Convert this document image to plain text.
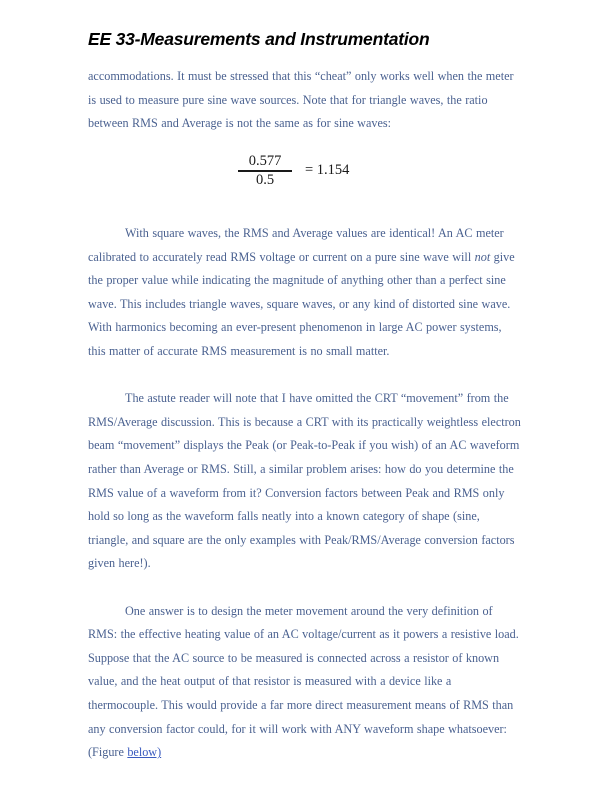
EE 33-Measurements and Instrumentation

accommodations. It must be stressed that this “cheat” only works well when the meter is used to measure pure sine wave sources. Note that for triangle waves, the ratio between RMS and Average is not the same as for sine waves:

$\frac{0.577}{0.5} = 1.154$

With square waves, the RMS and Average values are identical! An AC meter calibrated to accurately read RMS voltage or current on a pure sine wave will not give the proper value while indicating the magnitude of anything other than a perfect sine wave. This includes triangle waves, square waves, or any kind of distorted sine wave. With harmonics becoming an ever-present phenomenon in large AC power systems, this matter of accurate RMS measurement is no small matter.

The astute reader will note that I have omitted the CRT “movement” from the RMS/Average discussion. This is because a CRT with its practically weightless electron beam “movement” displays the Peak (or Peak-to-Peak if you wish) of an AC waveform rather than Average or RMS. Still, a similar problem arises: how do you determine the RMS value of a waveform from it? Conversion factors between Peak and RMS only hold so long as the waveform falls neatly into a known category of shape (sine, triangle, and square are the only examples with Peak/RMS/Average conversion factors given here!).

One answer is to design the meter movement around the very definition of RMS: the effective heating value of an AC voltage/current as it powers a resistive load. Suppose that the AC source to be measured is connected across a resistor of known value, and the heat output of that resistor is measured with a device like a thermocouple. This would provide a far more direct measurement means of RMS than any conversion factor could, for it will work with ANY waveform shape whatsoever: (Figure below)
